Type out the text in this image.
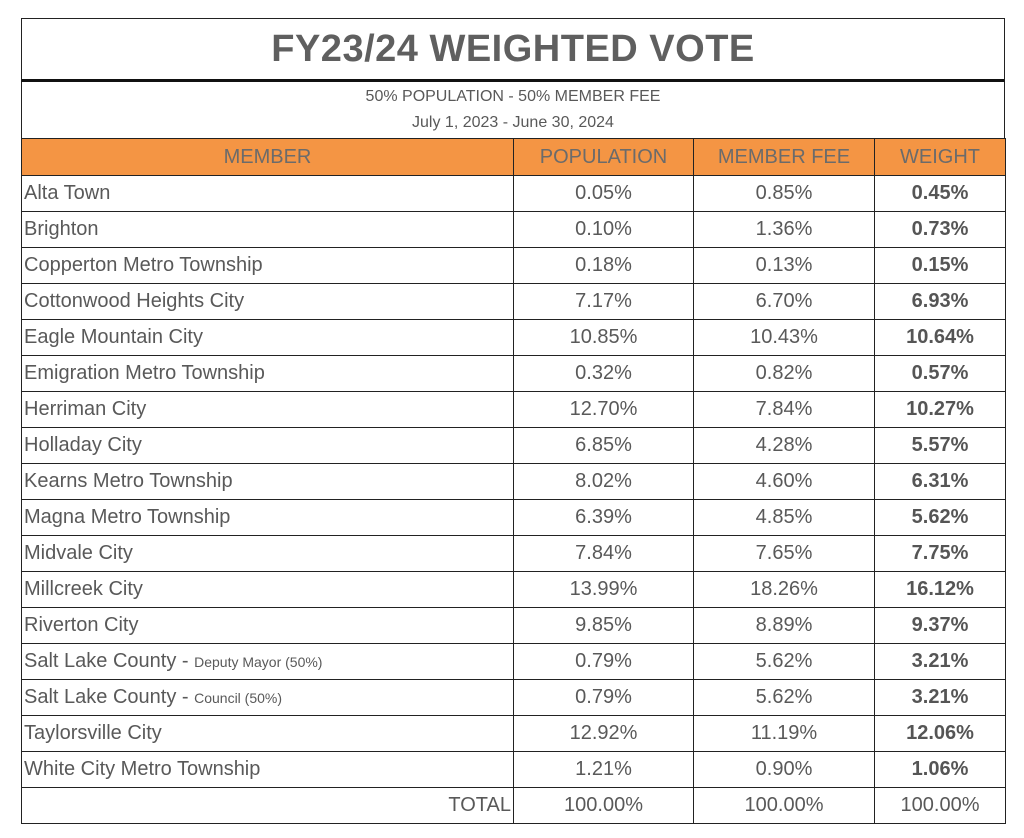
FY23/24 WEIGHTED VOTE
50% POPULATION - 50% MEMBER FEE
July 1, 2023 - June 30, 2024
MEMBER	POPULATION	MEMBER FEE	WEIGHT
Alta Town	0.05%	0.85%	0.45%
Brighton	0.10%	1.36%	0.73%
Copperton Metro Township	0.18%	0.13%	0.15%
Cottonwood Heights City	7.17%	6.70%	6.93%
Eagle Mountain City	10.85%	10.43%	10.64%
Emigration Metro Township	0.32%	0.82%	0.57%
Herriman City	12.70%	7.84%	10.27%
Holladay City	6.85%	4.28%	5.57%
Kearns Metro Township	8.02%	4.60%	6.31%
Magna Metro Township	6.39%	4.85%	5.62%
Midvale City	7.84%	7.65%	7.75%
Millcreek City	13.99%	18.26%	16.12%
Riverton City	9.85%	8.89%	9.37%
Salt Lake County - Deputy Mayor (50%)	0.79%	5.62%	3.21%
Salt Lake County - Council (50%)	0.79%	5.62%	3.21%
Taylorsville City	12.92%	11.19%	12.06%
White City Metro Township	1.21%	0.90%	1.06%
TOTAL	100.00%	100.00%	100.00%
